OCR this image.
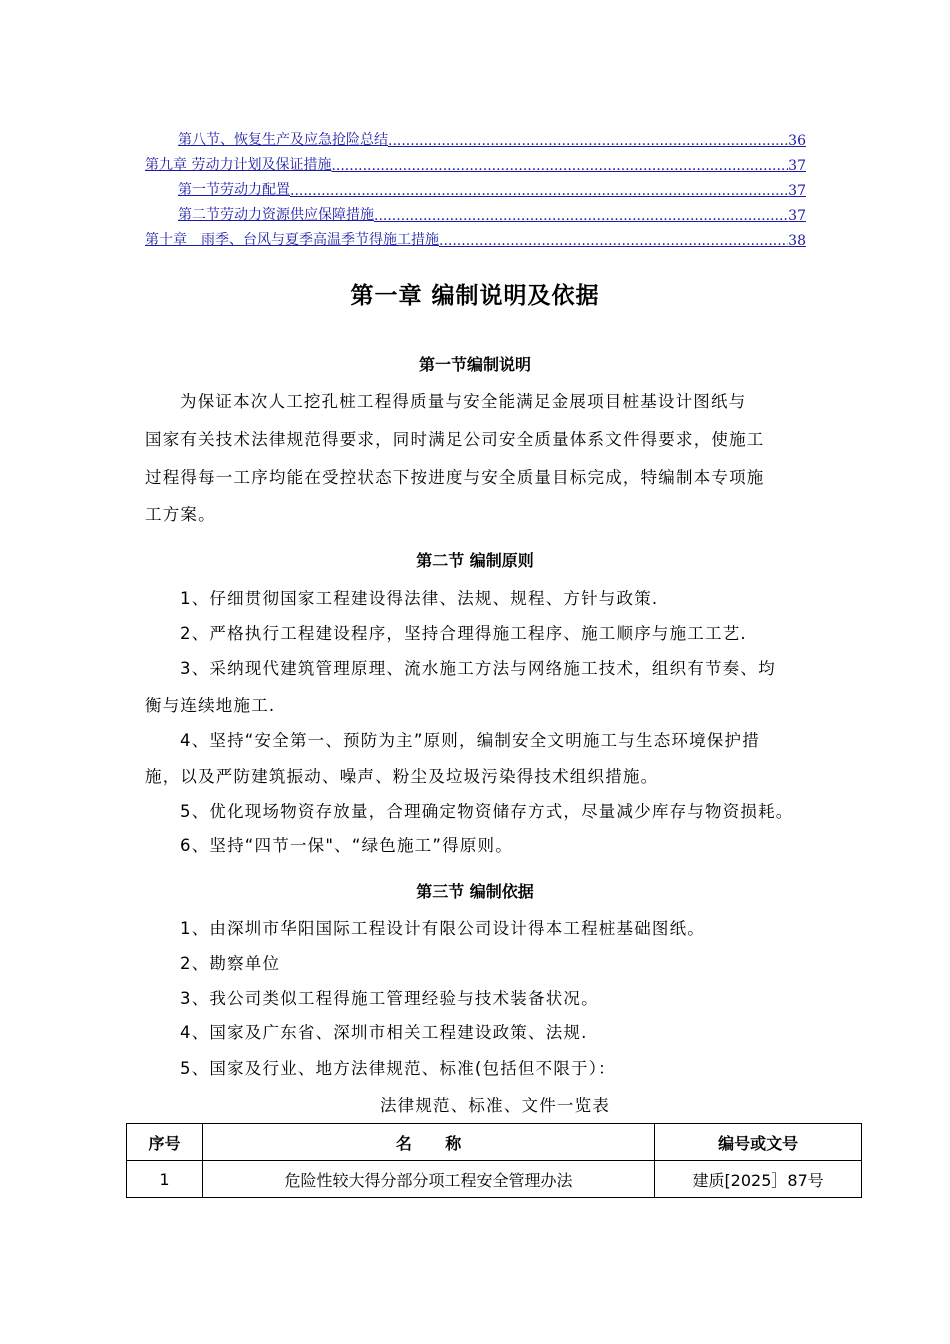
第八节、恢复生产及应急抢险总结 .....	36
第九章 劳动力计划及保证措施 .....	37
第一节劳动力配置 .....	37
第二节劳动力资源供应保障措施 .....	37
第十章　雨季、台风与夏季高温季节得施工措施 .....	38
第一章 编制说明及依据
第一节编制说明

为保证本次人工挖孔桩工程得质量与安全能满足金展项目桩基设计图纸与

国家有关技术法律规范得要求，同时满足公司安全质量体系文件得要求，使施工

过程得每一工序均能在受控状态下按进度与安全质量目标完成，特编制本专项施

工方案。

第二节 编制原则

1、仔细贯彻国家工程建设得法律、法规、规程、方针与政策.

2、严格执行工程建设程序，坚持合理得施工程序、施工顺序与施工工艺.

3、采纳现代建筑管理原理、流水施工方法与网络施工技术，组织有节奏、均

衡与连续地施工.

4、坚持“安全第一、预防为主”原则，编制安全文明施工与生态环境保护措

施，以及严防建筑振动、噪声、粉尘及垃圾污染得技术组织措施。

5、优化现场物资存放量，合理确定物资储存方式，尽量减少库存与物资损耗。

6、坚持“四节一保"、“绿色施工”得原则。

第三节 编制依据

1、由深圳市华阳国际工程设计有限公司设计得本工程桩基础图纸。

2、勘察单位

3、我公司类似工程得施工管理经验与技术装备状况。

4、国家及广东省、深圳市相关工程建设政策、法规.

5、国家及行业、地方法律规范、标准(包括但不限于）：

法律规范、标准、文件一览表
序号	名      称	编号或文号
1	危险性较大得分部分项工程安全管理办法	建质[2025］87号
